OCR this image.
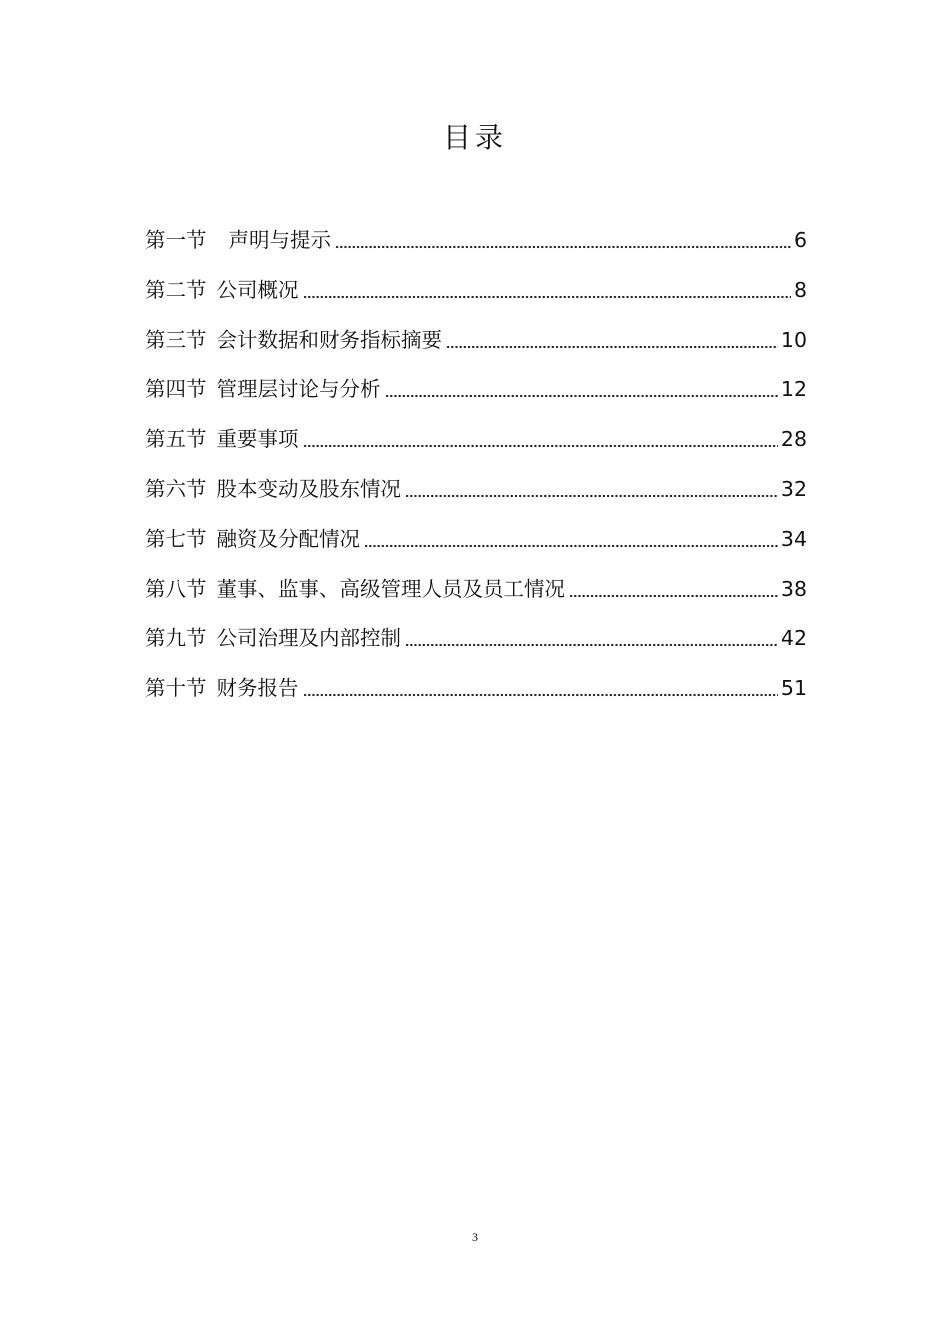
目录
第一节 声明与提示	6
第二节 公司概况	8
第三节 会计数据和财务指标摘要	10
第四节 管理层讨论与分析	12
第五节 重要事项	28
第六节 股本变动及股东情况	32
第七节 融资及分配情况	34
第八节 董事、监事、高级管理人员及员工情况	38
第九节 公司治理及内部控制	42
第十节 财务报告	51
3
